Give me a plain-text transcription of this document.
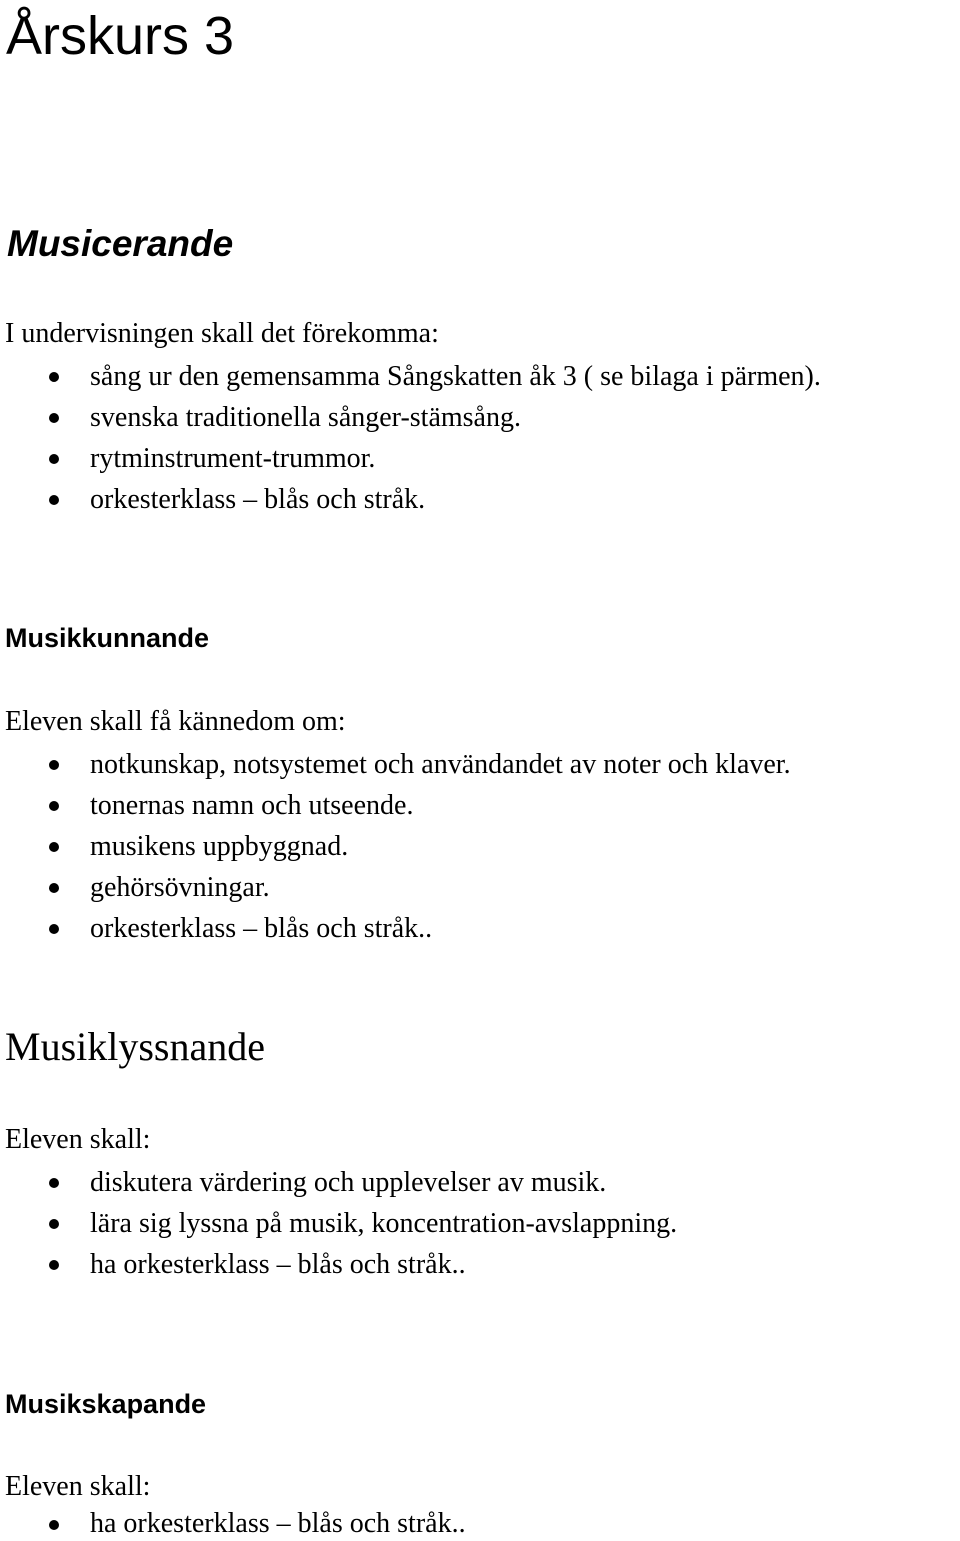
Årskurs 3
Musicerande
I undervisningen skall det förekomma:
sång ur den gemensamma Sångskatten åk 3 ( se bilaga i pärmen).
svenska traditionella sånger-stämsång.
rytminstrument-trummor.
orkesterklass – blås och stråk.
Musikkunnande
Eleven skall få kännedom om:
notkunskap, notsystemet och användandet av noter och klaver.
tonernas namn och utseende.
musikens uppbyggnad.
gehörsövningar.
orkesterklass – blås och stråk..
Musiklyssnande
Eleven skall:
diskutera värdering och upplevelser av musik.
lära sig lyssna på musik, koncentration-avslappning.
ha orkesterklass – blås och stråk..
Musikskapande
Eleven skall:
ha orkesterklass – blås och stråk..
